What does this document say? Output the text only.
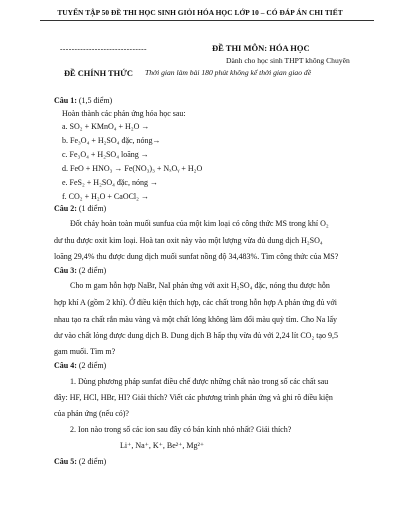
TUYỂN TẬP 50 ĐỀ THI HỌC SINH GIỎI HÓA HỌC LỚP 10 – CÓ ĐÁP ÁN CHI TIẾT
------------------------------	ĐỀ THI MÔN: HÓA HỌC
Dành cho học sinh THPT không Chuyên
ĐỀ CHÍNH THỨC Thời gian làm bài 180 phút không kể thời gian giao đề
Câu 1: (1,5 điểm)
Hoàn thành các phản ứng hóa học sau:
a. SO₂ + KMnO₄ + H₂O →
b. Fe₃O₄ + H₂SO₄ đặc, nóng→
c. Fe₃O₄ + H₂SO₄ loãng →
d. FeO + HNO₃ → Fe(NO₃)₃ + NₓOᵧ + H₂O
e. FeS₂ + H₂SO₄ đặc, nóng →
f. CO₂ + H₂O + CaOCl₂ →
Câu 2: (1 điểm)
Đốt cháy hoàn toàn muối sunfua của một kim loại có công thức MS trong khí O₂
dư thu được oxit kim loại. Hoà tan oxit này vào một lượng vừa đủ dung dịch H₂SO₄
loãng 29,4% thu được dung dịch muối sunfat nồng độ 34,483%. Tìm công thức của MS?
Câu 3: (2 điểm)
Cho m gam hỗn hợp NaBr, NaI phản ứng với axit H₂SO₄ đặc, nóng thu được hỗn
hợp khí A (gồm 2 khí). Ở điều kiện thích hợp, các chất trong hỗn hợp A phản ứng đủ với
nhau tạo ra chất rắn màu vàng và một chất lỏng không làm đổi màu quỳ tím. Cho Na lấy
dư vào chất lỏng được dung dịch B. Dung dịch B hấp thụ vừa đủ với 2,24 lít CO₂ tạo 9,5
gam muối. Tìm m?
Câu 4: (2 điểm)
1. Dùng phương pháp sunfat điều chế được những chất nào trong số các chất sau
đây: HF, HCl, HBr, HI? Giải thích? Viết các phương trình phản ứng và ghi rõ điều kiện
của phản ứng (nếu có)?
2. Ion nào trong số các ion sau đây có bán kính nhỏ nhất? Giải thích?
Li⁺, Na⁺, K⁺, Be²⁺, Mg²⁺
Câu 5: (2 điểm)
